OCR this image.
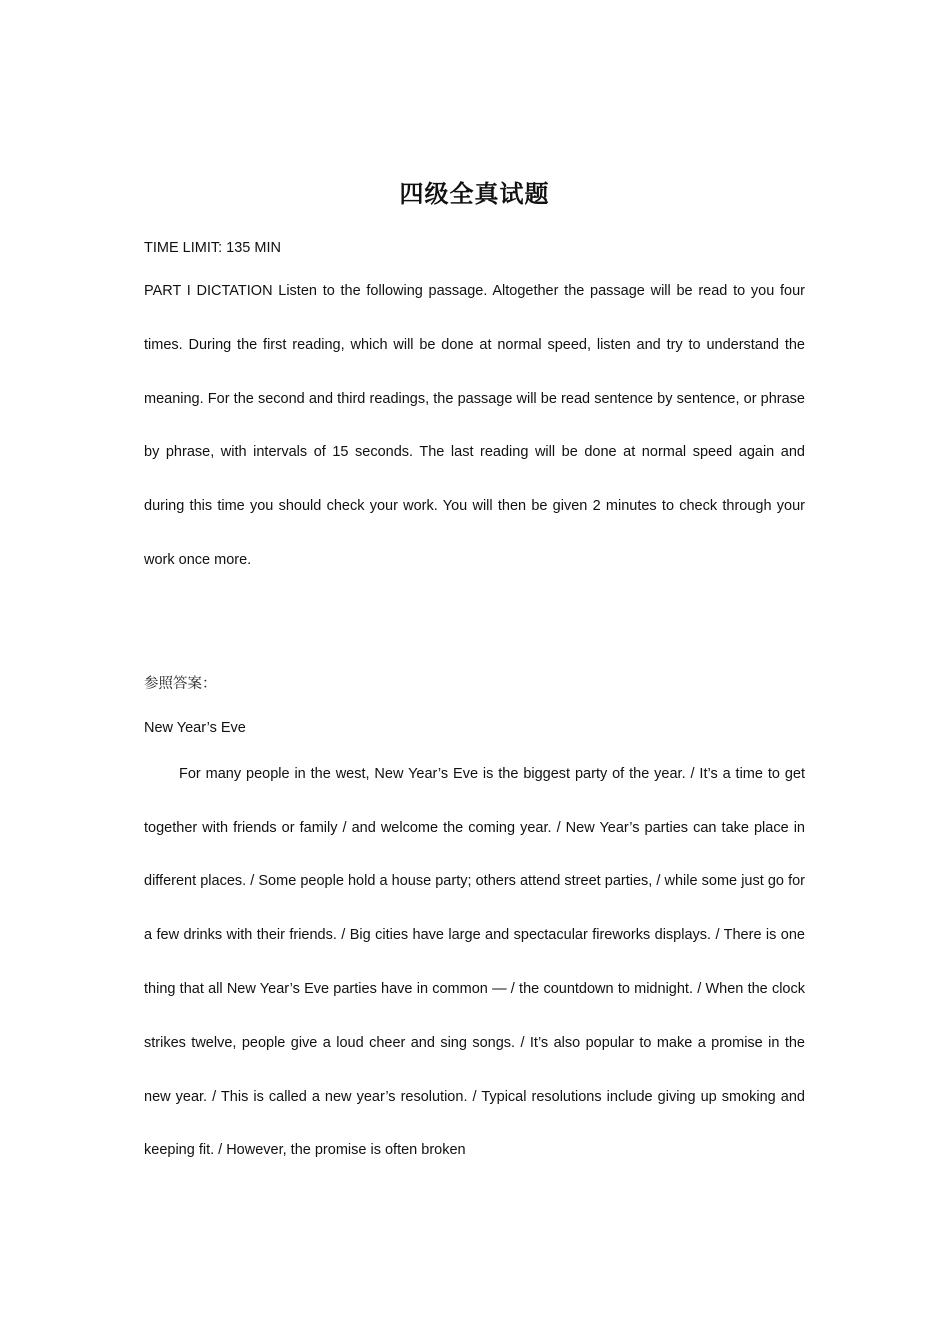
四级全真试题

TIME LIMIT: 135 MIN

PART I DICTATION Listen to the following passage. Altogether the passage will be read to you four times. During the first reading, which will be done at normal speed, listen and try to understand the meaning. For the second and third readings, the passage will be read sentence by sentence, or phrase by phrase, with intervals of 15 seconds. The last reading will be done at normal speed again and during this time you should check your work. You will then be given 2 minutes to check through your work once more.

参照答案：

New Year’s Eve

For many people in the west, New Year’s Eve is the biggest party of the year. / It’s a time to get together with friends or family / and welcome the coming year. / New Year’s parties can take place in different places. / Some people hold a house party; others attend street parties, / while some just go for a few drinks with their friends. / Big cities have large and spectacular fireworks displays. / There is one thing that all New Year’s Eve parties have in common — / the countdown to midnight. / When the clock strikes twelve, people give a loud cheer and sing songs. / It’s also popular to make a promise in the new year. / This is called a new year’s resolution. / Typical resolutions include giving up smoking and keeping fit. / However, the promise is often broken
